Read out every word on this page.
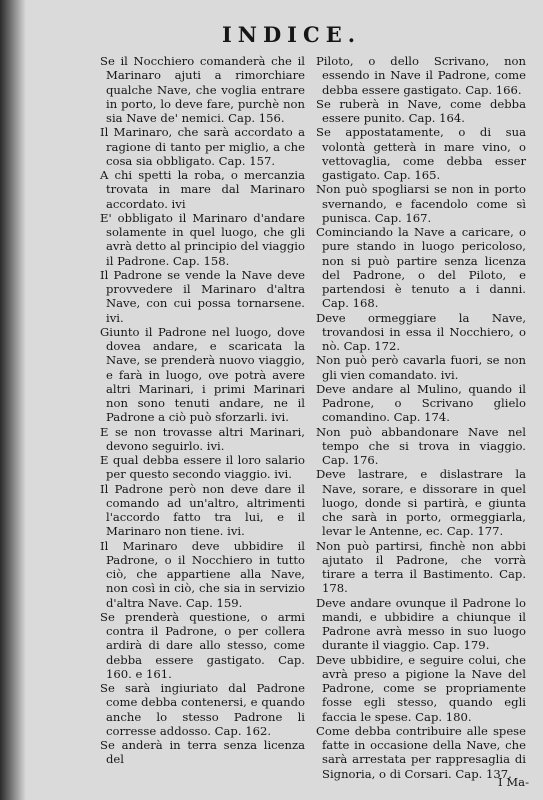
INDICE.
Se il Nocchiero comanderà che il Marinaro ajuti a rimorchiare qualche Nave, che voglia entrare in porto, lo deve fare, purchè non sia Nave de' nemici. Cap. 156.
Il Marinaro, che sarà accordato a ragione di tanto per miglio, a che cosa sia obbligato. Cap. 157.
A chi spetti la roba, o mercanzia trovata in mare dal Marinaro accordato. ivi
E' obbligato il Marinaro d'andare solamente in quel luogo, che gli avrà detto al principio del viaggio il Padrone. Cap. 158.
Il Padrone se vende la Nave deve provvedere il Marinaro d'altra Nave, con cui possa tornarsene. ivi.
Giunto il Padrone nel luogo, dove dovea andare, e scaricata la Nave, se prenderà nuovo viaggio, e farà in luogo, ove potrà avere altri Marinari, i primi Marinari non sono tenuti andare, ne il Padrone a ciò può sforzarli. ivi.
E se non trovasse altri Marinari, devono seguirlo. ivi.
E qual debba essere il loro salario per questo secondo viaggio. ivi.
Il Padrone però non deve dare il comando ad un'altro, altrimenti l'accordo fatto tra lui, e il Marinaro non tiene. ivi.
Il Marinaro deve ubbidire il Padrone, o il Nocchiero in tutto ciò, che appartiene alla Nave, non così in ciò, che sia in servizio d'altra Nave. Cap. 159.
Se prenderà questione, o armi contra il Padrone, o per collera ardirà di dare allo stesso, come debba essere gastigato. Cap. 160. e 161.
Se sarà ingiuriato dal Padrone come debba contenersi, e quando anche lo stesso Padrone li corresse addosso. Cap. 162.
Se anderà in terra senza licenza del
Piloto, o dello Scrivano, non essendo in Nave il Padrone, come debba essere gastigato. Cap. 166.
Se ruberà in Nave, come debba essere punito. Cap. 164.
Se appostatamente, o di sua volontà getterà in mare vino, o vettovaglia, come debba esser gastigato. Cap. 165.
Non può spogliarsi se non in porto svernando, e facendolo come sì punisca. Cap. 167.
Cominciando la Nave a caricare, o pure stando in luogo pericoloso, non si può partire senza licenza del Padrone, o del Piloto, e partendosi è tenuto a i danni. Cap. 168.
Deve ormeggiare la Nave, trovandosi in essa il Nocchiero, o nò. Cap. 172.
Non può però cavarla fuori, se non gli vien comandato. ivi.
Deve andare al Mulino, quando il Padrone, o Scrivano glielo comandino. Cap. 174.
Non può abbandonare Nave nel tempo che si trova in viaggio. Cap. 176.
Deve lastrare, e dislastrare la Nave, sorare, e dissorare in quel luogo, donde si partirà, e giunta che sarà in porto, ormeggiarla, levar le Antenne, ec. Cap. 177.
Non può partirsi, finchè non abbi ajutato il Padrone, che vorrà tirare a terra il Bastimento. Cap. 178.
Deve andare ovunque il Padrone lo mandi, e ubbidire a chiunque il Padrone avrà messo in suo luogo durante il viaggio. Cap. 179.
Deve ubbidire, e seguire colui, che avrà preso a pigione la Nave del Padrone, come se propriamente fosse egli stesso, quando egli faccia le spese. Cap. 180.
Come debba contribuire alle spese fatte in occasione della Nave, che sarà arrestata per rappresaglia di Signoria, o di Corsari. Cap. 137.
I Ma-
